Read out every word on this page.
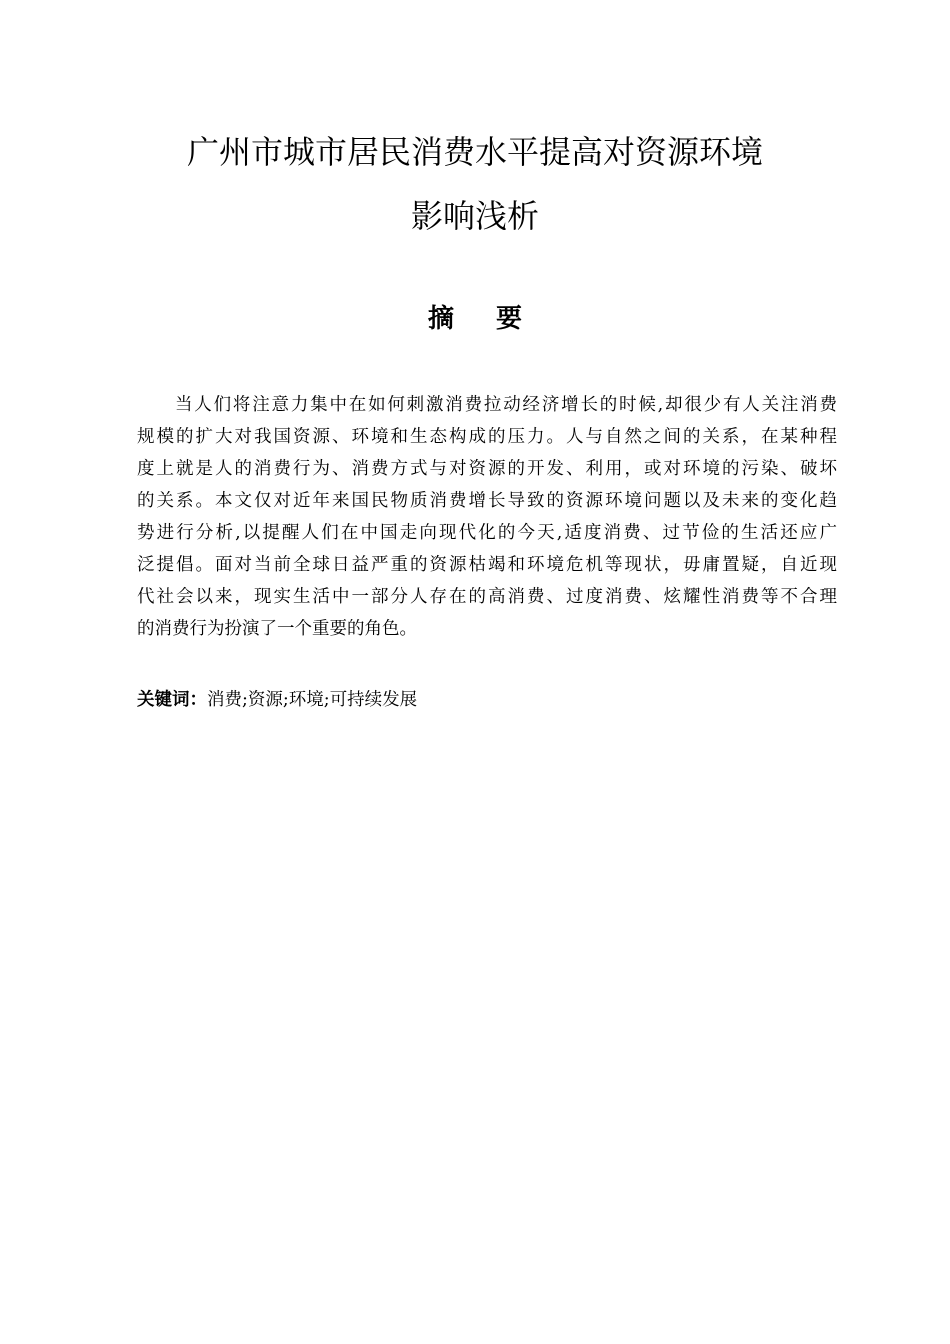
广州市城市居民消费水平提高对资源环境
影响浅析
摘要
当人们将注意力集中在如何刺激消费拉动经济增长的时候,却很少有人关注消费
规模的扩大对我国资源、环境和生态构成的压力。人与自然之间的关系，在某种程
度上就是人的消费行为、消费方式与对资源的开发、利用，或对环境的污染、破坏
的关系。本文仅对近年来国民物质消费增长导致的资源环境问题以及未来的变化趋
势进行分析,以提醒人们在中国走向现代化的今天,适度消费、过节俭的生活还应广
泛提倡。面对当前全球日益严重的资源枯竭和环境危机等现状，毋庸置疑，自近现
代社会以来，现实生活中一部分人存在的高消费、过度消费、炫耀性消费等不合理
的消费行为扮演了一个重要的角色。
关键词：消费;资源;环境;可持续发展
